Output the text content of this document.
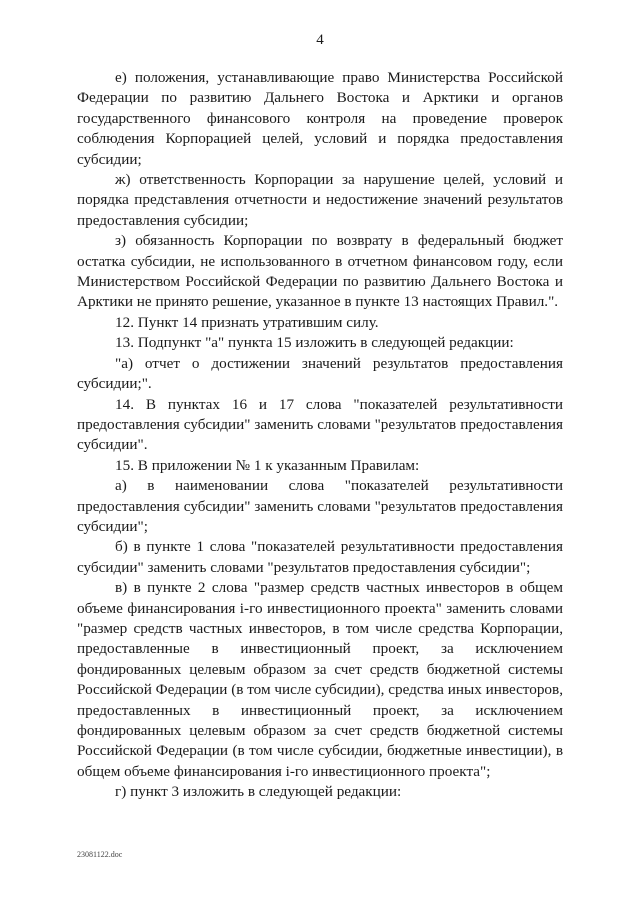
4

е) положения, устанавливающие право Министерства Российской Федерации по развитию Дальнего Востока и Арктики и органов государственного финансового контроля на проведение проверок соблюдения Корпорацией целей, условий и порядка предоставления субсидии;

ж) ответственность Корпорации за нарушение целей, условий и порядка представления отчетности и недостижение значений результатов предоставления субсидии;

з) обязанность Корпорации по возврату в федеральный бюджет остатка субсидии, не использованного в отчетном финансовом году, если Министерством Российской Федерации по развитию Дальнего Востока и Арктики не принято решение, указанное в пункте 13 настоящих Правил.".

12. Пункт 14 признать утратившим силу.

13. Подпункт "а" пункта 15 изложить в следующей редакции:

"а) отчет о достижении значений результатов предоставления субсидии;".

14. В пунктах 16 и 17 слова "показателей результативности предоставления субсидии" заменить словами "результатов предоставления субсидии".

15. В приложении № 1 к указанным Правилам:

а) в наименовании слова "показателей результативности предоставления субсидии" заменить словами "результатов предоставления субсидии";

б) в пункте 1 слова "показателей результативности предоставления субсидии" заменить словами "результатов предоставления субсидии";

в) в пункте 2 слова "размер средств частных инвесторов в общем объеме финансирования i-го инвестиционного проекта" заменить словами "размер средств частных инвесторов, в том числе средства Корпорации, предоставленные в инвестиционный проект, за исключением фондированных целевым образом за счет средств бюджетной системы Российской Федерации (в том числе субсидии), средства иных инвесторов, предоставленных в инвестиционный проект, за исключением фондированных целевым образом за счет средств бюджетной системы Российской Федерации (в том числе субсидии, бюджетные инвестиции), в общем объеме финансирования i-го инвестиционного проекта";

г) пункт 3 изложить в следующей редакции:

23081122.doc
